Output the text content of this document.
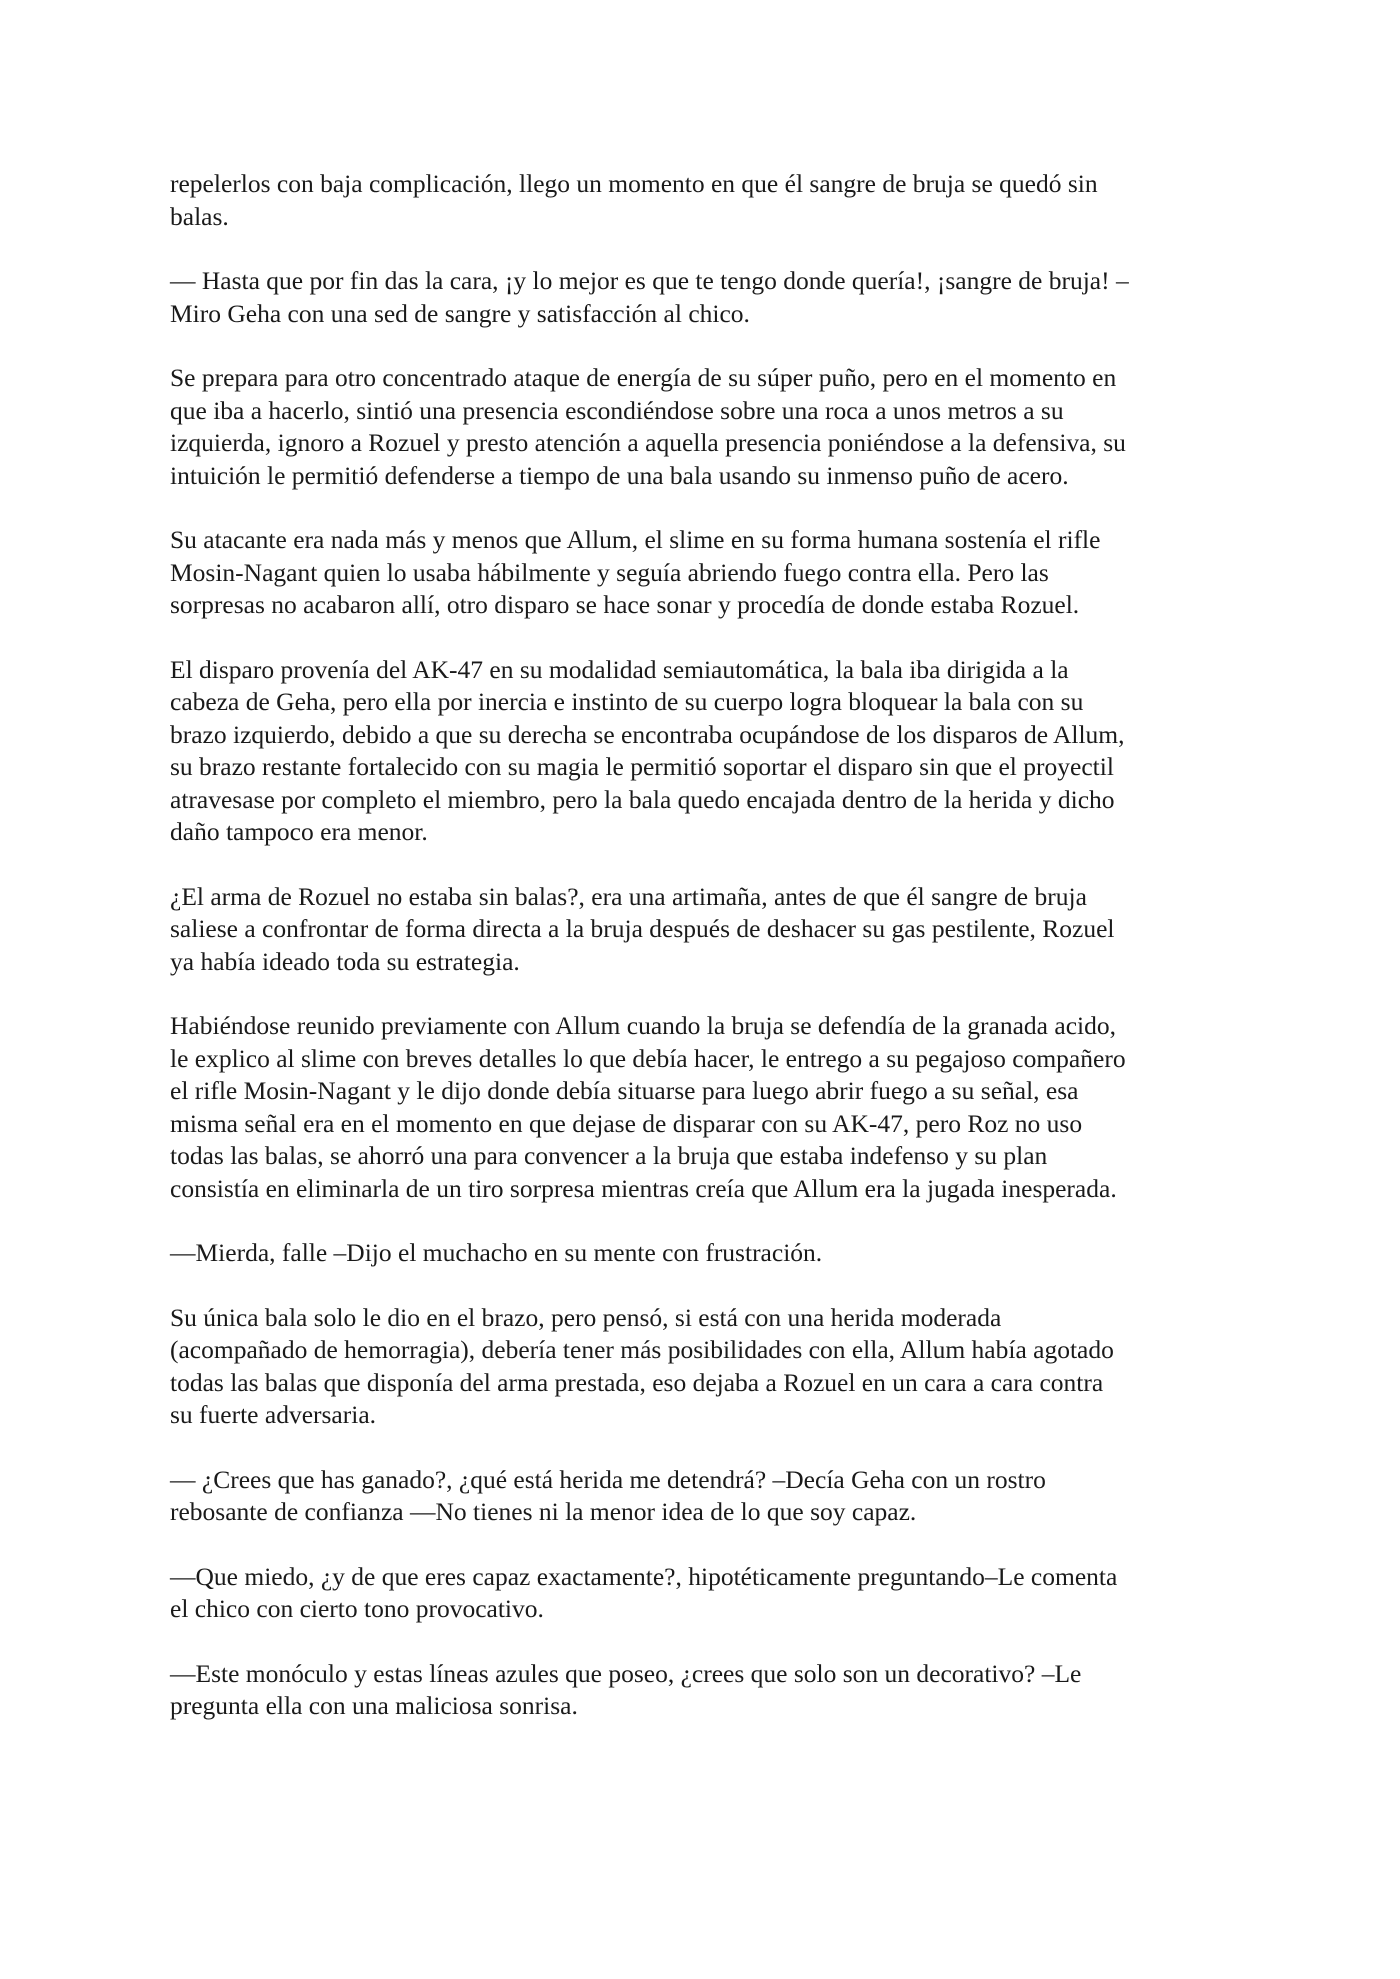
repelerlos con baja complicación, llego un momento en que él sangre de bruja se quedó sin
balas.

— Hasta que por fin das la cara, ¡y lo mejor es que te tengo donde quería!, ¡sangre de bruja! –
Miro Geha con una sed de sangre y satisfacción al chico.

Se prepara para otro concentrado ataque de energía de su súper puño, pero en el momento en
que iba a hacerlo, sintió una presencia escondiéndose sobre una roca a unos metros a su
izquierda, ignoro a Rozuel y presto atención a aquella presencia poniéndose a la defensiva, su
intuición le permitió defenderse a tiempo de una bala usando su inmenso puño de acero.

Su atacante era nada más y menos que Allum, el slime en su forma humana sostenía el rifle
Mosin-Nagant quien lo usaba hábilmente y seguía abriendo fuego contra ella. Pero las
sorpresas no acabaron allí, otro disparo se hace sonar y procedía de donde estaba Rozuel.

El disparo provenía del AK-47 en su modalidad semiautomática, la bala iba dirigida a la
cabeza de Geha, pero ella por inercia e instinto de su cuerpo logra bloquear la bala con su
brazo izquierdo, debido a que su derecha se encontraba ocupándose de los disparos de Allum,
su brazo restante fortalecido con su magia le permitió soportar el disparo sin que el proyectil
atravesase por completo el miembro, pero la bala quedo encajada dentro de la herida y dicho
daño tampoco era menor.

¿El arma de Rozuel no estaba sin balas?, era una artimaña, antes de que él sangre de bruja
saliese a confrontar de forma directa a la bruja después de deshacer su gas pestilente, Rozuel
ya había ideado toda su estrategia.

Habiéndose reunido previamente con Allum cuando la bruja se defendía de la granada acido,
le explico al slime con breves detalles lo que debía hacer, le entrego a su pegajoso compañero
el rifle Mosin-Nagant y le dijo donde debía situarse para luego abrir fuego a su señal, esa
misma señal era en el momento en que dejase de disparar con su AK-47, pero Roz no uso
todas las balas, se ahorró una para convencer a la bruja que estaba indefenso y su plan
consistía en eliminarla de un tiro sorpresa mientras creía que Allum era la jugada inesperada.

—Mierda, falle –Dijo el muchacho en su mente con frustración.

Su única bala solo le dio en el brazo, pero pensó, si está con una herida moderada
(acompañado de hemorragia), debería tener más posibilidades con ella, Allum había agotado
todas las balas que disponía del arma prestada, eso dejaba a Rozuel en un cara a cara contra
su fuerte adversaria.

— ¿Crees que has ganado?, ¿qué está herida me detendrá? –Decía Geha con un rostro
rebosante de confianza —No tienes ni la menor idea de lo que soy capaz.

—Que miedo, ¿y de que eres capaz exactamente?, hipotéticamente preguntando–Le comenta
el chico con cierto tono provocativo.

—Este monóculo y estas líneas azules que poseo, ¿crees que solo son un decorativo? –Le
pregunta ella con una maliciosa sonrisa.
